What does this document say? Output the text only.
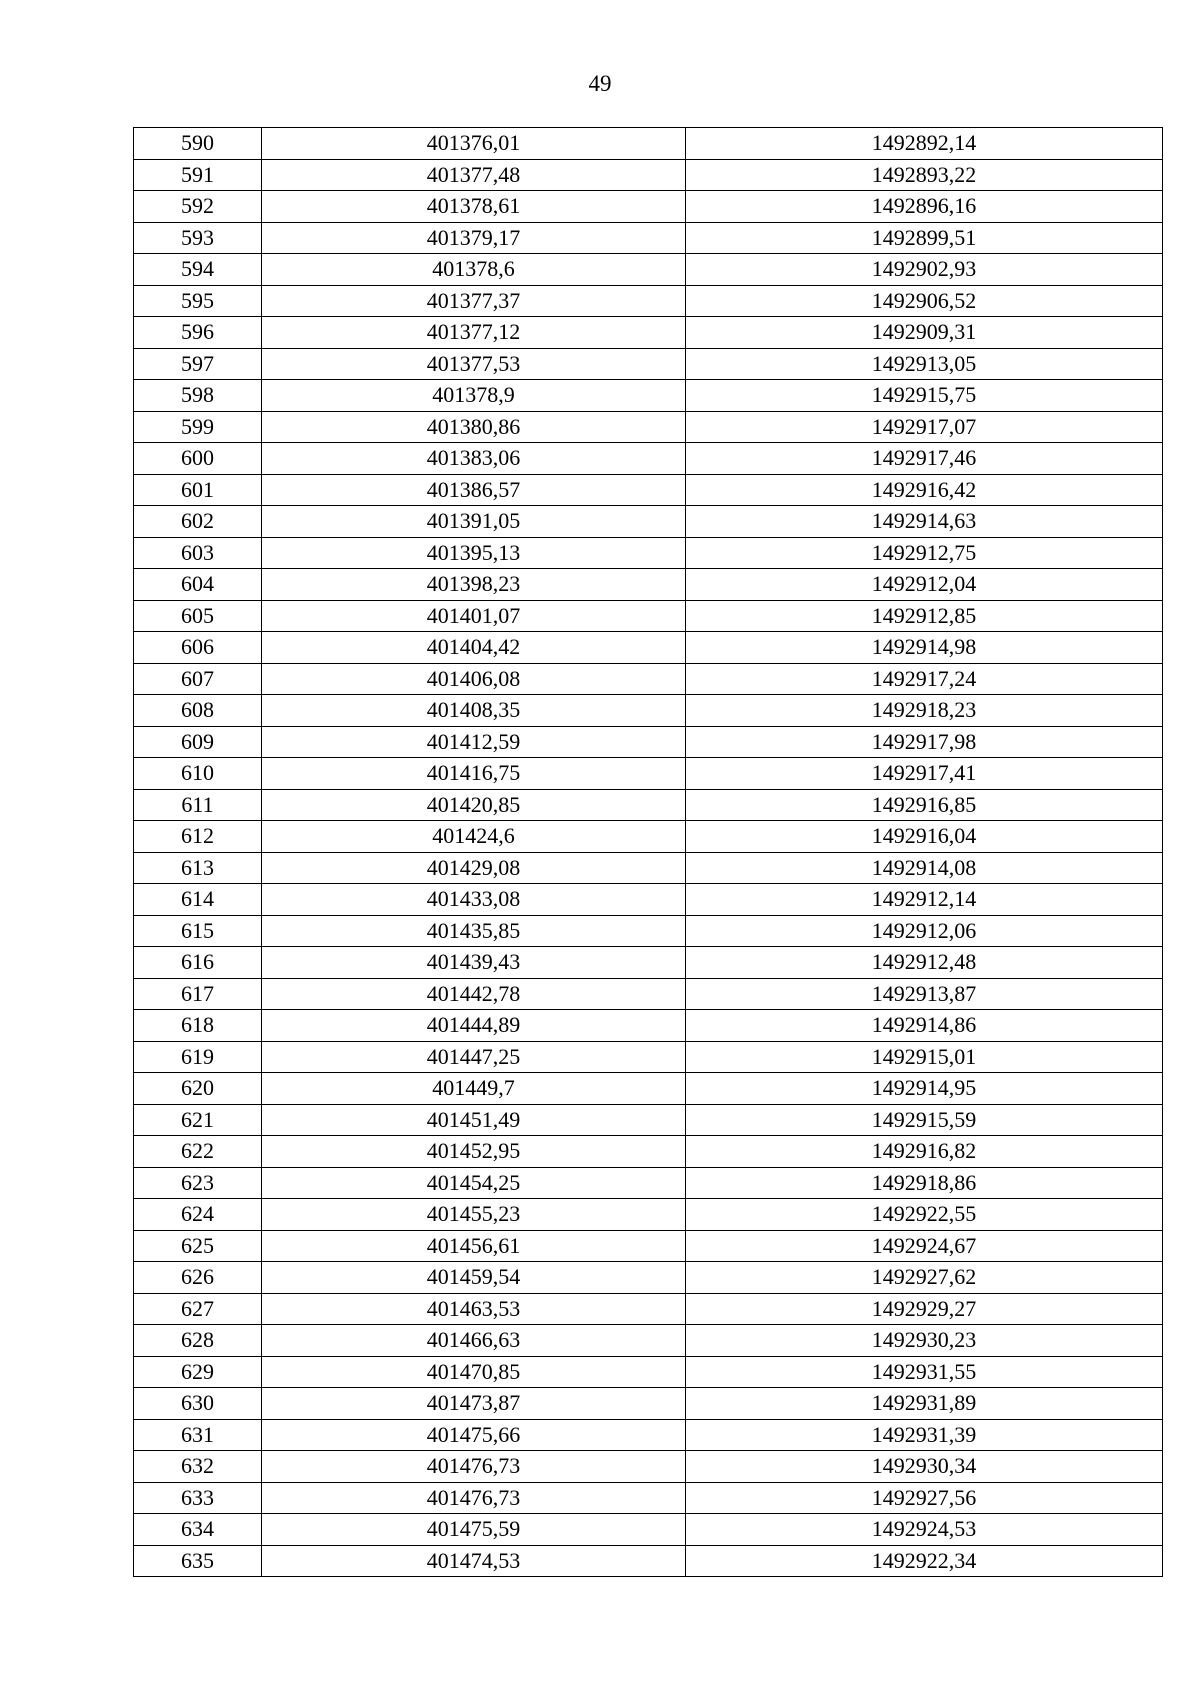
49
590	401376,01	1492892,14
591	401377,48	1492893,22
592	401378,61	1492896,16
593	401379,17	1492899,51
594	401378,6	1492902,93
595	401377,37	1492906,52
596	401377,12	1492909,31
597	401377,53	1492913,05
598	401378,9	1492915,75
599	401380,86	1492917,07
600	401383,06	1492917,46
601	401386,57	1492916,42
602	401391,05	1492914,63
603	401395,13	1492912,75
604	401398,23	1492912,04
605	401401,07	1492912,85
606	401404,42	1492914,98
607	401406,08	1492917,24
608	401408,35	1492918,23
609	401412,59	1492917,98
610	401416,75	1492917,41
611	401420,85	1492916,85
612	401424,6	1492916,04
613	401429,08	1492914,08
614	401433,08	1492912,14
615	401435,85	1492912,06
616	401439,43	1492912,48
617	401442,78	1492913,87
618	401444,89	1492914,86
619	401447,25	1492915,01
620	401449,7	1492914,95
621	401451,49	1492915,59
622	401452,95	1492916,82
623	401454,25	1492918,86
624	401455,23	1492922,55
625	401456,61	1492924,67
626	401459,54	1492927,62
627	401463,53	1492929,27
628	401466,63	1492930,23
629	401470,85	1492931,55
630	401473,87	1492931,89
631	401475,66	1492931,39
632	401476,73	1492930,34
633	401476,73	1492927,56
634	401475,59	1492924,53
635	401474,53	1492922,34
